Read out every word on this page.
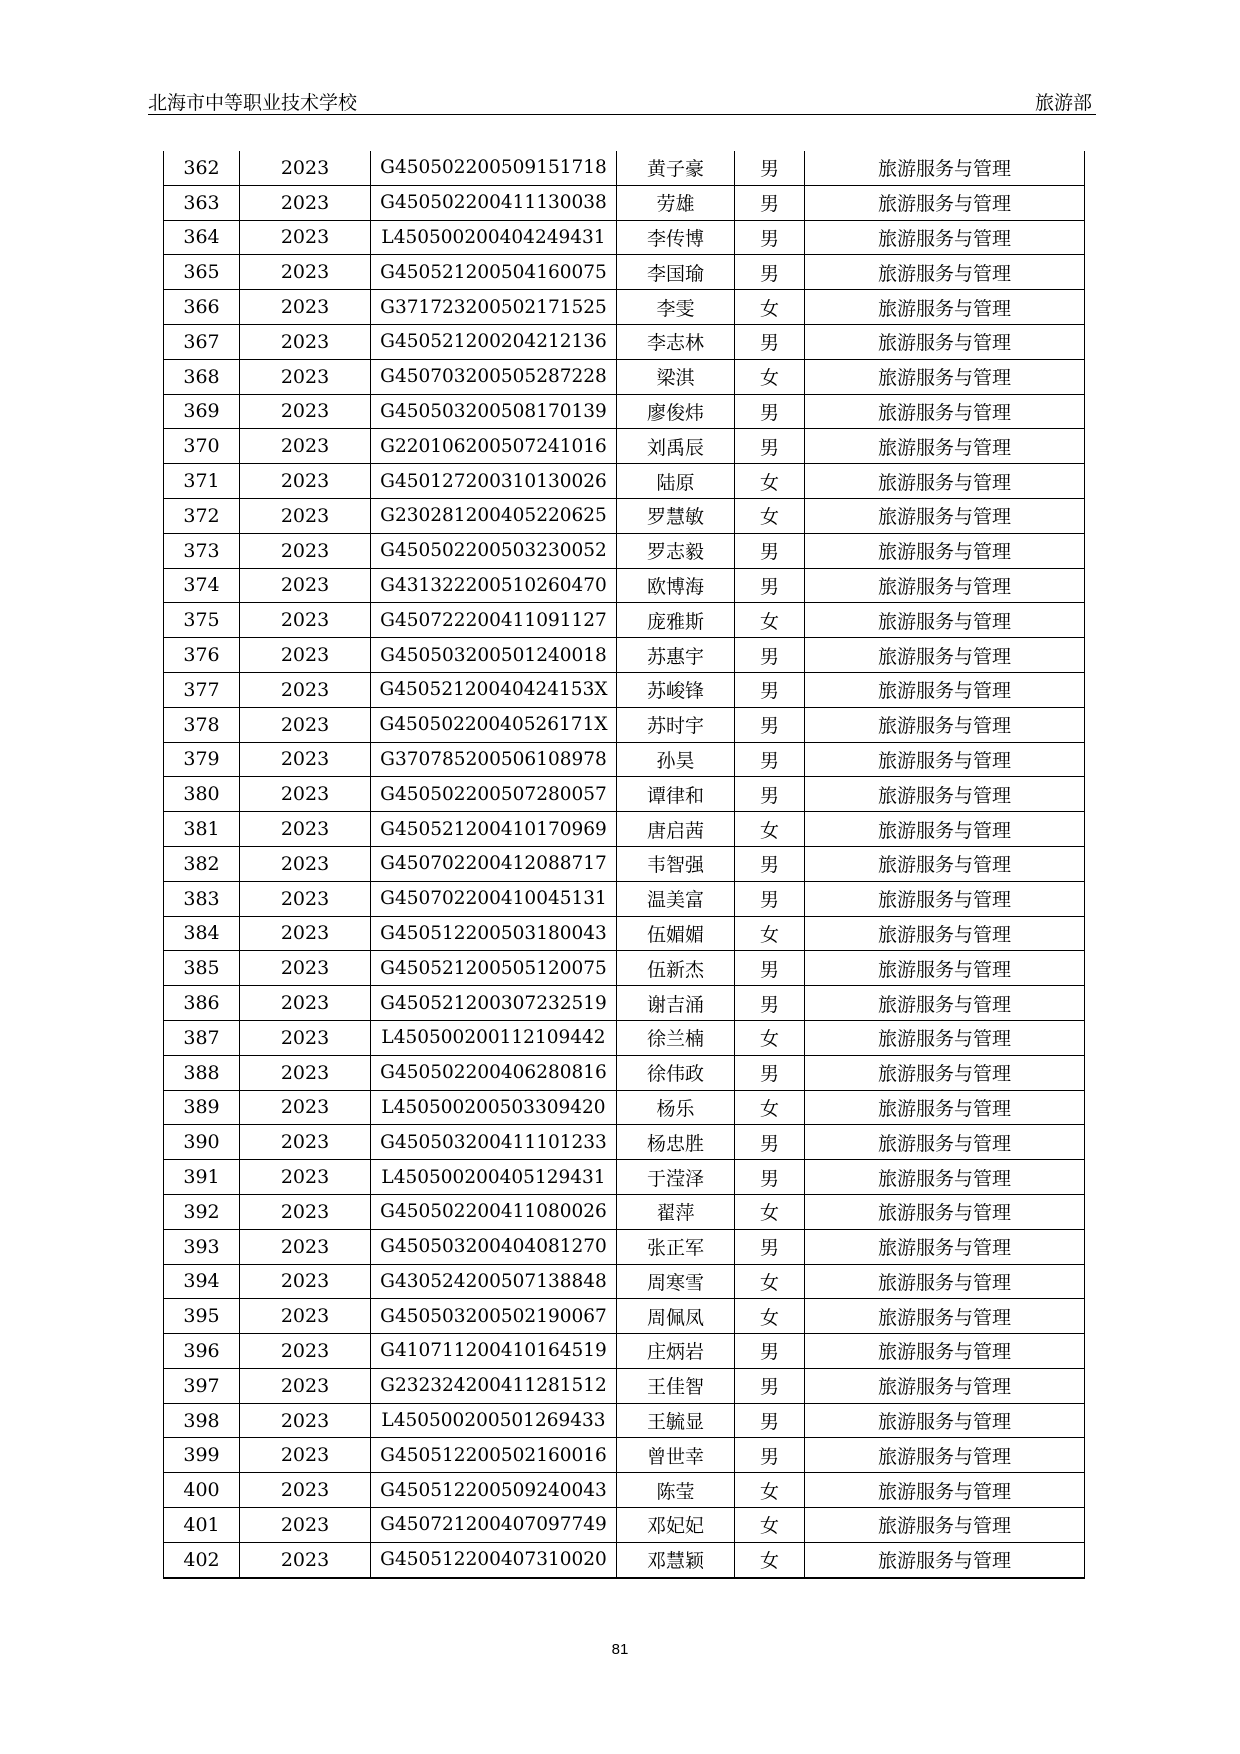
北海市中等职业技术学校	旅游部
362	2023	G450502200509151718	黄子豪	男	旅游服务与管理
363	2023	G450502200411130038	劳雄	男	旅游服务与管理
364	2023	L450500200404249431	李传博	男	旅游服务与管理
365	2023	G450521200504160075	李国瑜	男	旅游服务与管理
366	2023	G371723200502171525	李雯	女	旅游服务与管理
367	2023	G450521200204212136	李志林	男	旅游服务与管理
368	2023	G450703200505287228	梁淇	女	旅游服务与管理
369	2023	G450503200508170139	廖俊炜	男	旅游服务与管理
370	2023	G220106200507241016	刘禹辰	男	旅游服务与管理
371	2023	G450127200310130026	陆原	女	旅游服务与管理
372	2023	G230281200405220625	罗慧敏	女	旅游服务与管理
373	2023	G450502200503230052	罗志毅	男	旅游服务与管理
374	2023	G431322200510260470	欧博海	男	旅游服务与管理
375	2023	G450722200411091127	庞雅斯	女	旅游服务与管理
376	2023	G450503200501240018	苏惠宇	男	旅游服务与管理
377	2023	G45052120040424153X	苏峻锋	男	旅游服务与管理
378	2023	G45050220040526171X	苏时宇	男	旅游服务与管理
379	2023	G370785200506108978	孙昊	男	旅游服务与管理
380	2023	G450502200507280057	谭律和	男	旅游服务与管理
381	2023	G450521200410170969	唐启茜	女	旅游服务与管理
382	2023	G450702200412088717	韦智强	男	旅游服务与管理
383	2023	G450702200410045131	温美富	男	旅游服务与管理
384	2023	G450512200503180043	伍媚媚	女	旅游服务与管理
385	2023	G450521200505120075	伍新杰	男	旅游服务与管理
386	2023	G450521200307232519	谢吉涌	男	旅游服务与管理
387	2023	L450500200112109442	徐兰楠	女	旅游服务与管理
388	2023	G450502200406280816	徐伟政	男	旅游服务与管理
389	2023	L450500200503309420	杨乐	女	旅游服务与管理
390	2023	G450503200411101233	杨忠胜	男	旅游服务与管理
391	2023	L450500200405129431	于滢泽	男	旅游服务与管理
392	2023	G450502200411080026	翟萍	女	旅游服务与管理
393	2023	G450503200404081270	张正军	男	旅游服务与管理
394	2023	G430524200507138848	周寒雪	女	旅游服务与管理
395	2023	G450503200502190067	周佩凤	女	旅游服务与管理
396	2023	G410711200410164519	庄炳岩	男	旅游服务与管理
397	2023	G232324200411281512	王佳智	男	旅游服务与管理
398	2023	L450500200501269433	王毓显	男	旅游服务与管理
399	2023	G450512200502160016	曾世幸	男	旅游服务与管理
400	2023	G450512200509240043	陈莹	女	旅游服务与管理
401	2023	G450721200407097749	邓妃妃	女	旅游服务与管理
402	2023	G450512200407310020	邓慧颖	女	旅游服务与管理
81
